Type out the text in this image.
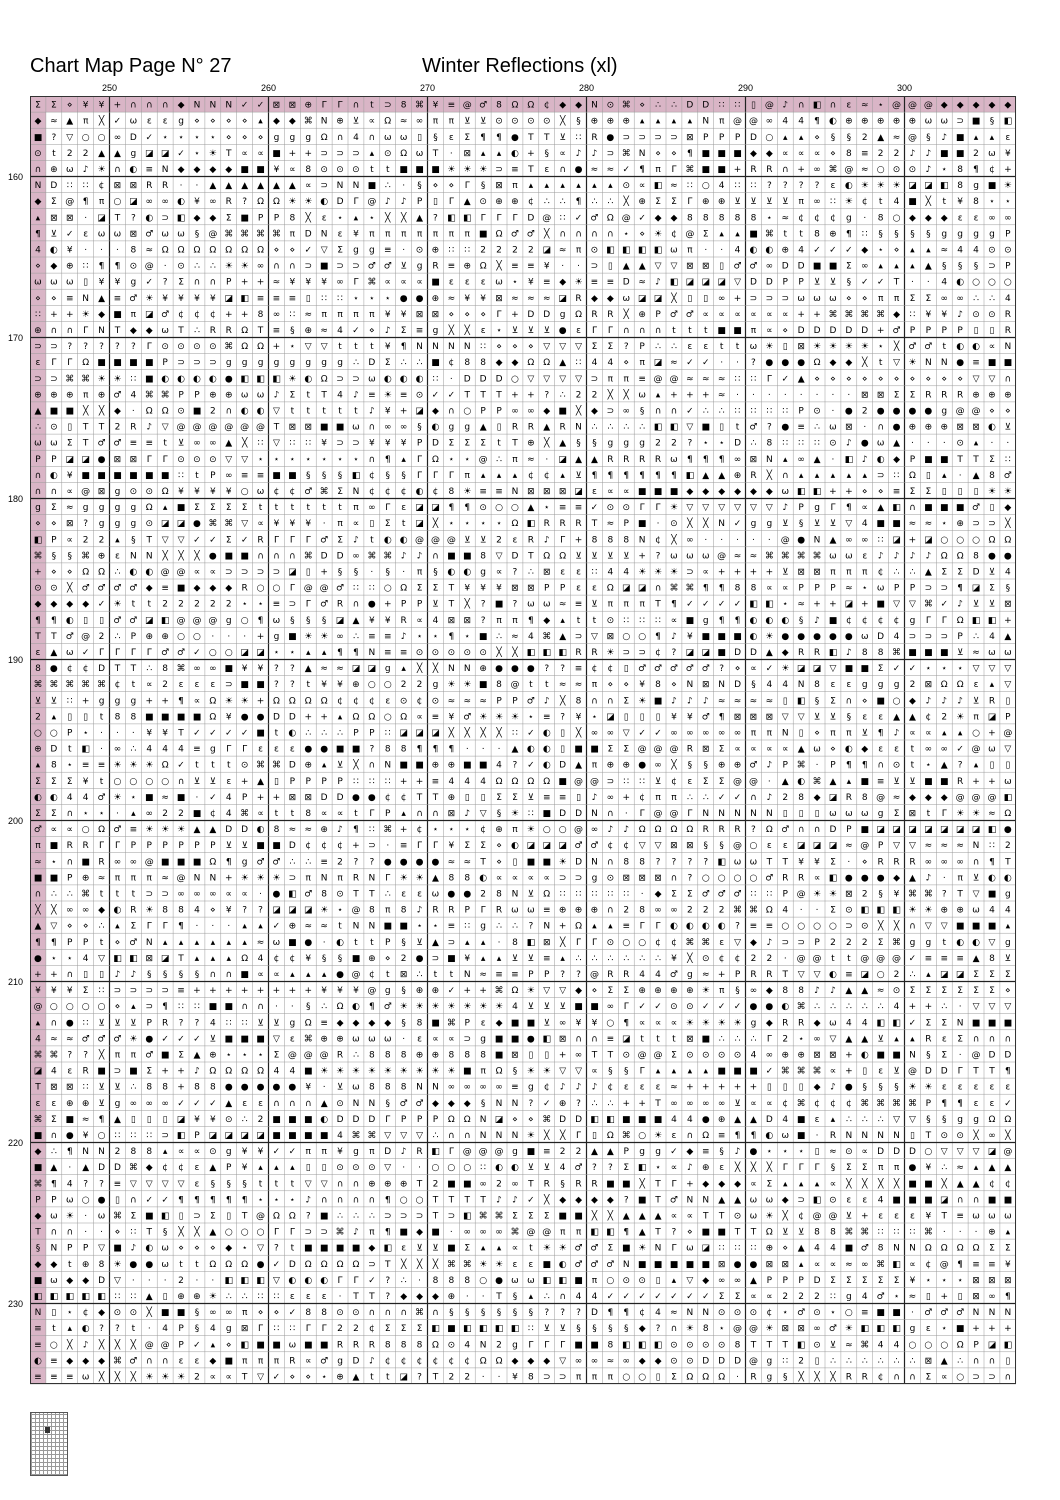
Chart Map Page N° 27	Winter Reflections (xl)
250	260	270	280	290	300
160
170
180
190
200
210
220
230
Σ Σ ⋄ ¥ ¥ + ∩ ∩ ∩ ◆ N N N ✓ ✓ ⊠ ⊠ ⊕ Γ Γ ∩ t ⊃ 8 ⌘ ¥ ≡ @ ♂ 8 Ω Ω ¢ ◆ ◆ N ⊙ ⌘ ⋄ ∴ ∴ D D ∷ ∷ ▯ @ ♪ ∩ ◧ ∩ ε ≈ ⋆ @ @ @ ◆ ◆ ◆ ◆ ◆
◆ ≈ ▲ π ╳ ✓ ω ε ε g ⋄ ⋄ ⋄ ⋄ ▴ ◆ ◆ ⌘ N ⊕ ⊻ ∝ Ω ≈ ∞ π π ⊻ ⊻ ⊙ ⊙ ⊙ ⊙ ╳ § ⊕ ⊕ ⊕ ▴ ▴ ▴ ▴ N π @ @ ∞ 4 4 ¶ ◐ ⊕ ⊕ ⊕ ⊕ ⊕ ω ω ⊃ ■ § ◧
■ ? ▽ ○ ○ ∞ D ✓ ⋆ ⋆ ⋆ ⋆ ⋄ ⋄ ⋄ g g g Ω ∩ 4 ∩ ω ω ▯ § ε Σ ¶ ¶ ● T T ⊻ ∷ R ● ⊃ ⊃ ⊃ ⊃ ⊠ P P P D ○ ▴ ▴ ⋄ § § 2 ▲ ≈ @ § ♪ ■ ▴ ▴ ε
⊙ t 2 2 ▲ ▲ g ◪ ◪ ✓ ⋆ ☀ T ∝ ∝ ■ + + ⊃ ⊃ ⊃ ▴ ⊙ Ω ω T · ⊠ ▴ ▴ ◐ + § ∝ ♪ ♪ ⊃ ⌘ N ⋄ ⋄ ¶ ■ ■ ■ ◆ ◆ ∝ ∝ ∝ ⋄ 8 ≡ 2 2 ♪ ♪ ■ ■ 2 ω ¥
∩ ⊕ ω ♪ ☀ ∩ ◐ ≡ N ◆ ◆ ◆ ◆ ■ ■ ¥ ∝ 8 ⊙ ⊙ ⊙ t t ■ ■ ■ ☀ ☀ ☀ ⊃ ≡ T ε ∩ ● ≈ ≈ ✓ ¶ π Γ ⌘ ■ ■ + R R ∩ + ∞ ⌘ @ ≈ ○ ⊙ ⊙ ♪ ⋆ 8 ¶ ¢ +
N D ∷ ∷ ¢ ⊠ ⊠ R R · · ▲ ▲ ▲ ▲ ▲ ▲ ∝ ⊃ N N ■ ∴ · § ⋄ ⋄ Γ § ⊠ π ▴ ▴ ▴ ▴ ▴ ▴ ⊙ ∝ ◧ ≈ ∷ ○ 4 ∷ ∷ ? ? ? ? ε ◐ ☀ ☀ ☀ ◪ ◪ ◧ 8 g ■ ☀
◆ Σ @ ¶ π ○ ◪ ∞ ∞ ◐ ¥ ∞ R ? Ω Ω ☀ ☀ ◐ D Γ @ ♪ ♪ P ▯ Γ ▲ ⊙ ⊕ ⊕ ¢ ∴ ∴ ¶ ∴ ∴ ╳ ⊕ Σ Σ Γ ⊕ ⊕ ⊻ ⊻ ⊻ ⊻ π ∞ ∷ ☀ ¢ t 4 ■ ╳ t ¥ 8 ⋆ ⋆
▴ ⊠ ⊠ · ◪ T ? ◐ ⊃ ◧ ◆ ◆ Σ ■ P P 8 ╳ ε ⋆ ▴ ⋆ ╳ ╳ ▲ ? ◧ ◧ Γ Γ Γ D @ ∷ ✓ ♂ Ω @ ✓ ◆ ◆ 8 8 8 8 8 ⋆ ≈ ¢ ¢ ¢ g · 8 ○ ◆ ◆ ◆ ε ε ∞ ∞
¶ ⊻ ✓ ε ω ω ⊠ ♂ ω ω § @ ⌘ ⌘ ⌘ ⌘ π D N ε ¥ π π π π π π π ■ Ω ♂ ♂ ╳ ∩ ∩ ∩ ∩ ⋆ ⋄ ☀ ¢ @ Σ ▴ ▴ ■ ⌘ t t 8 ⊕ ¶ ∷ § § § § g g g g P
4 ◐ ¥ · · · 8 ≈ Ω Ω Ω Ω Ω Ω Ω ⋄ ⋄ ✓ ▽ Σ g g ≡ · ⊙ ⊕ ∷ ∷ 2 2 2 2 ◪ ≈ π ⊙ ◧ ◧ ◧ ◧ ω π · · 4 ◐ ◐ ⊕ 4 ✓ ✓ ✓ ◆ ⋆ ⋄ ▴ ▴ ≈ 4 4 ⊙ ⊙
⋄ ◆ ⊕ ∷ ¶ ¶ ⊙ @ · ⊙ ∴ ∴ ☀ ☀ ∞ ∩ ∩ ⊃ ■ ⊃ ⊃ ♂ ♂ ⊻ g R ≡ ⊕ Ω ╳ ≡ ≡ ¥ · · ⊃ ▯ ▲ ▲ ▽ ▽ ⊠ ⊠ ▯ ♂ ♂ ∞ D D ■ ■ Σ ∞ ▴ ▴ ▴ ▲ § § § ⊃ P
ω ω ω ▯ ¥ ¥ g ✓ ? Σ ∩ ∩ P + + ≈ ¥ ¥ ¥ ∞ Γ ⌘ ∝ ∝ ∝ ■ ε ε ε ω ⋆ ¥ ≡ ◆ ☀ ≡ ≡ D ≈ ♪ ◧ ◪ ◪ ◪ ▽ D D P P ⊻ ⊻ § ✓ ✓ T · · 4 ◐ ○ ○ ○
⋄ ⋄ ≡ N ▲ ≡ ♂ ☀ ¥ ¥ ¥ ¥ ◪ ◧ ≡ ≡ ≡ ▯ ∷ ∷ ⋆ ⋆ ⋆ ● ● ⊕ ≈ ¥ ¥ ⊠ ≈ ≈ ≈ ◪ R ◆ ◆ ω ◪ ◪ ╳ ▯ ▯ ∞ + ⊃ ⊃ ⊃ ω ω ω ⋄ ⋄ π π Σ Σ ∞ ∞ ∴ ∴ 4
∷ + + ☀ ◆ ■ π ◪ ♂ ¢ ¢ ¢ + + 8 ∞ ∷ ≈ π π π π ¥ ¥ ⊠ ⊠ ⋄ ⋄ ⋄ Γ + D D g Ω R R ╳ ⊕ P ♂ ♂ ∝ ∝ ∝ ∝ ∝ ∝ + + ⌘ ⌘ ⌘ ⌘ ◆ ∷ ¥ ¥ ♪ ⊙ ⊙ R
⊕ ∩ ∩ Γ N T ◆ ◆ ω T ∴ R R Ω T ≡ § ⊕ ≈ 4 ✓ ⋄ ♪ Σ ≡ g ╳ ╳ ε ⋆ ⊻ ⊻ ⊻ ● ε Γ Γ ∩ ∩ ∩ t t t ■ ■ π ∝ ⋄ D D D D D + ♂ P P P P ▯ ▯ R
⊃ ⊃ ? ? ? ? ? Γ ⊙ ⊙ ⊙ ⊙ ⌘ Ω Ω + ⋆ ▽ ▽ t t t ¥ ¶ N N N N ∷ ⋄ ⋄ ⋄ ▽ ▽ ▽ Σ Σ ? P ∴ ∴ ε ε t t ω ☀ ▯ ⊠ ☀ ☀ ☀ ☀ ⋆ ╳ ♂ ♂ t ◐ ◐ ∝ N
ε Γ Γ Ω ■ ■ ■ ■ P ⊃ ⊃ ⊃ g g g g g g g g ∴ D Σ ∴ ∴ ■ ¢ 8 8 ◆ ◆ Ω Ω ▲ ∷ 4 4 ⋄ π ◪ ≈ ✓ ✓ · · ? ● ● ● Ω ◆ ◆ ╳ t ▽ ☀ N N ● ≡ ■ ■
⊃ ⊃ ⌘ ⌘ ☀ ☀ ∷ ■ ◐ ◐ ◐ ◐ ● ◧ ◧ ◧ ☀ ◐ Ω ⊃ ⊃ ω ◐ ◐ ◐ ∷ · D D D ○ ▽ ▽ ▽ ▽ ⊃ π π ≡ @ @ ≈ ≈ ≈ ∷ ∷ Γ ✓ ▲ ⋄ ⋄ ⋄ ⋄ ⋄ ⋄ ⋄ ⋄ ⋄ ⋄ ▽ ▽ ∩
⊕ ⊕ ⊕ π ⊕ ♂ 4 ⌘ ⌘ P P ⊕ ⊕ ω ω ♪ Σ t T 4 ♪ ≡ ☀ ≡ ⊙ ✓ ✓ T T T + + ? ∴ 2 2 ╳ ╳ ω ▴ + + + ≈ · · · · · · · · ⊠ ⊠ Σ Σ R R R ⊕ ⊕ ⊕
▲ ■ ■ ╳ ╳ ◆ · Ω Ω ⊙ ■ 2 ∩ ◐ ◐ ▽ t t t t t ♪ ¥ + ◪ ◆ ∩ ○ P P ∞ ∞ ◆ ■ ╳ ◆ ⊃ ∞ § ∩ ∩ ✓ ∴ ∴ ∷ ∷ ∷ ∷ P ⊙ · ● 2 ● ● ● ● g @ @ ⋄ ⋄
∴ ⊙ ▯ T T 2 R ♪ ▽ @ @ @ @ @ @ T ⊠ ⊠ ■ ■ ω ∩ ∞ ∞ § ◐ g g ▲ ▯ R R ▲ R N ∴ ∴ ∴ ∴ ◧ ◧ ▽ ■ ▯ t ♂ ? ● ≡ ∴ ω ⊠ · ∩ ● ⊕ ⊕ ⊕ ⊠ ⊠ ◐ ⊻
ω ω Σ T ♂ ♂ ≡ ≡ t ⊻ ∞ ∞ ▲ ╳ ∷ ▽ ∷ ∷ ¥ ⊃ ⊃ ¥ ¥ ¥ P D Σ Σ Σ t T ⊕ ╳ ▲ § § g g g 2 2 ? ⋆ ⋆ D ∴ 8 ∷ ∷ ∷ ⊙ ♪ ● ω ▲ · · · ⊙ ▴ · ·
P P ◪ ◪ ● ⊠ ⊠ Γ Γ ⊙ ⊙ ⊙ ▽ ▽ ⋆ ⋆ ⋆ ⋆ ⋆ ⋆ ⋆ ∩ ¶ ▴ Γ Ω ⋆ ⋆ @ ∴ π ≈ · ◪ ▲ ▲ R R R R ω ¶ ¶ ¶ ∞ ⊠ N ▴ ∞ ▲ · ◧ ♪ ◐ ◆ P ■ ■ T T Σ ∷
∩ ◐ ¥ ■ ■ ■ ■ ■ ■ ∷ t P ∞ ≡ ≡ ■ ■ § § § ◧ ¢ § § Γ Γ Γ π ▴ ▴ ▴ ¢ ¢ ▴ ⊻ ¶ ¶ ¶ ¶ ¶ ¶ ◧ ▲ ▲ ⊕ R ╳ ∩ ▴ ▴ ▴ ▴ ▴ ⊃ ∷ Ω ▯ ▴ · ▲ 8 ♂
∩ ∩ ∝ @ ⊠ g ⊙ ⊙ Ω ¥ ¥ ¥ ¥ ○ ω ¢ ¢ ♂ ⌘ Σ N ¢ ¢ ¢ ◐ ¢ 8 ☀ ≡ ≡ N ⊠ ⊠ ⊠ ◪ ε ∝ ∝ ■ ■ ■ ◆ ◆ ◆ ◆ ◆ ◆ ω ◧ ◧ + + ⋄ ⋄ ≡ Σ Σ ▯ ▯ ▯ ☀ ☀
g Σ ≈ g g g g Ω ▴ ■ Σ Σ Σ Σ t t t t t t π ∞ Γ ε ◪ ◪ ¶ ¶ ⊙ ○ ○ ▲ ⋆ ≡ ≡ ✓ ⊙ ⊙ Γ Γ ☀ ▽ ▽ ▽ ▽ ▽ ▽ ♪ P g Γ ¶ ∝ ▲ ◧ ∩ ■ ■ ■ ♂ ▯ ◆
⋄ ⋄ ⊠ ? g g g ⊙ ◪ ◪ ● ⌘ ⌘ ▽ ∝ ¥ ¥ ¥ · π ∝ ▯ Σ t ◪ ╳ ⋆ ⋆ ⋆ ⋆ Ω ◧ R R R T ≈ P ■ · ⊙ ╳ ╳ N ✓ g g ⊻ § ⊻ ⊻ ▽ 4 ■ ■ ≈ ≈ ⋆ ⊕ ⊃ ⊃ ╳
◧ P ∝ 2 2 ▴ § T ▽ ▽ ✓ ✓ Σ ✓ R Γ Γ Γ ♂ Σ ♪ t ◐ ◐ @ @ @ ⊻ ⊻ 2 ε R ♪ Γ + 8 8 8 N ¢ ╳ ∞ · · · · · @ ● N ▲ ∞ ∞ ∷ ◪ + ◪ ○ ○ ○ Ω Ω
⌘ § § ⌘ ⊕ ε N N ╳ ╳ ╳ ● ■ ■ ∩ ∩ ∩ ⌘ D D ∞ ⌘ ⌘ ♪ ♪ ∩ ■ ■ 8 ▽ D T Ω Ω ⊻ ⊻ ⊻ ⊻ + ? ω ω ω @ ≈ ≈ ⌘ ⌘ ⌘ ⌘ ω ω ε ♪ ♪ ♪ ♪ Ω Ω 8 ● ●
+ ⋄ ⋄ Ω Ω ∴ ◐ ◐ @ @ ∝ ∝ ⊃ ⊃ ⊃ ⊃ ◪ ▯ + § § · § · π § ◐ ◐ g ∝ ? ∴ ⊠ ε ε ∷ 4 4 ☀ ☀ ☀ ⊃ ∝ + + + + ⊻ ⊠ ⊠ π π π ¢ ∴ ∴ ▲ Σ Σ D ⊻ 4
⊙ ⊙ ╳ ♂ ♂ ♂ ♂ ◆ ≡ ■ ◆ ◆ ◆ R ○ ○ Γ @ @ ♂ ∷ ∷ ○ Ω Σ Σ T ¥ ¥ ¥ ⊠ ⊠ P P ε ε Ω ◪ ◪ ∩ ⌘ ⌘ ¶ ¶ 8 8 ∝ ∝ P P P ≈ ⋆ ω P P ⊃ ⊃ ¶ ◪ Σ §
◆ ◆ ◆ ◆ ✓ ☀ t t 2 2 2 2 2 ⋆ ⋆ ≡ ⊃ Γ ♂ R ∩ ● + P P ⊻ T ╳ ? ■ ? ω ω ≈ ≡ ⊻ π π π T ¶ ✓ ✓ ✓ ✓ ◧ ◧ ⋆ ≈ + + ◪ + ■ ▽ ▽ ⌘ ✓ ♪ ⊻ ⊻ ⊠
¶ ¶ ◐ ▯ ▯ ♂ ♂ ◪ ◧ @ @ @ g ○ ¶ ω § § § ◪ ▲ ¥ ¥ R ∝ 4 ⊠ ⊠ ? π π ¶ ◆ ▴ t t ⊙ ∷ ∷ ∷ ∝ ■ g ¶ ¶ ◐ ◐ ◐ § ♪ ■ ¢ ¢ ¢ ¢ g Γ Γ Ω ◧ ◧ +
T T ♂ @ 2 ∴ P ⊕ ⊕ ○ ○ · · · + g ■ ☀ ☀ ∞ ∴ ≡ ≡ ♪ ⋆ ⋆ ¶ ⋆ ■ ∴ ≈ 4 ⌘ ▲ ⊃ ▽ ⊠ ○ ○ ¶ ♪ ¥ ■ ■ ■ ◐ ☀ ● ● ● ● ● ω D 4 ⊃ ⊃ ⊃ P ∴ 4 ▲
ε ▲ ω ✓ Γ Γ Γ Γ ♂ ♂ ✓ ○ ○ ◪ ◪ ⋆ ⋆ ▴ ▴ ¶ ¶ N ≡ ≡ ⊙ ⊙ ⊙ ⊙ ⊙ ╳ ╳ ◧ ◧ ◧ R R ☀ ⊃ ⊃ ¢ ? ◪ ◪ ■ D D ▲ ◆ R R ◧ ♪ 8 8 ⌘ ■ ■ ■ ⊻ ≈ ω ω
8 ● ¢ ¢ D T T ∴ 8 ⌘ ∞ ∞ ■ ¥ ¥ ? ? ▲ ≈ ≈ ◪ ◪ g ▴ ╳ ╳ N N ⊕ ● ● ● ? ? ≡ ¢ ¢ ▯ ♂ ♂ ♂ ♂ ♂ ? ⋄ ∝ ✓ ☀ ◪ ◪ ▽ ■ ■ Σ ✓ ✓ ⋆ ⋆ ⋆ ▽ ▽ ▽
⌘ ⌘ ⌘ ⌘ ⌘ ¢ t ∝ 2 ε ε ε ⊃ ■ ■ ? ? t ¥ ¥ ⊕ ○ ○ 2 2 g ☀ ☀ ■ 8 @ t t ≈ ≈ π ⋄ ⋄ ¥ 8 ⋄ N ⊠ N D § 4 4 N 8 ε ε g g g 2 ⊠ Ω Ω ε ▴ ▽
⊻ ⊻ ∷ + g g g + + ¶ ∝ Ω ☀ ☀ + Ω Ω Ω Ω ¢ ¢ ¢ ε ⊙ ¢ ⊙ ≈ ≈ ≈ P P ♂ ♪ ╳ 8 ∩ ∩ Σ ☀ ■ ♪ ♪ ♪ ≈ ≈ ≈ ≈ ▯ ◧ § Σ ∩ ⋄ ■ ○ ◆ ♪ ♪ ♪ ⊻ R ▯
2 ▴ ▯ ▯ t 8 8 ■ ■ ■ ■ Ω ¥ ● ● D D + + ▴ Ω Ω ○ Ω ∝ ≡ ¥ ♂ ☀ ☀ ☀ ⋆ ≡ ? ¥ ⋆ ◪ ▯ ▯ ▯ ¥ ¥ ♂ ¶ ⊠ ⊠ ⊠ ▽ ▽ ⊻ ⊻ § ε ε ▲ ▲ ¢ 2 ☀ π ◪ P
○ ○ P ⋆ · · · ¥ ¥ T ✓ ✓ ✓ ✓ ■ t ◐ ∴ ∴ ∴ P P ∷ ◪ ◪ ◪ ╳ ╳ ╳ ╳ ∷ ✓ ◐ ▯ ╳ ∞ ∞ ▽ ✓ ✓ ∞ ∞ ∞ ∞ ∞ π π N ▯ ⋄ π π ⊻ ¶ ♪ ∝ ∝ ▴ ▴ ○ + @
⊕ D t ◧ · ∞ ∴ 4 4 4 ≡ g Γ Γ ε ε ε ● ● ■ ■ ? 8 8 ¶ ¶ ¶ · · · ▲ ◐ ◐ ▯ ■ ■ Σ Σ @ @ @ R ⊠ Σ ∝ ∝ ∝ ∝ ▲ ω ⋄ ◐ ◆ ε ε t ∞ ∞ ✓ @ ω ▽
▴ 8 ⋆ ≡ ≡ ☀ ☀ ☀ Ω ✓ t t t ⊙ ⌘ ⌘ D ⊕ ▴ ⊻ ╳ ∩ N ■ ■ ⊕ ⊕ ■ ■ 4 ? ✓ ◐ D ▲ π ⊕ ⊕ ● ∞ ╳ § § ⊕ ⊕ ♂ ♪ P ⌘ · P ¶ ¶ ∩ ⊙ t ⋆ ▲ ? ▴ ▯ ▯
Σ Σ Σ ¥ t ○ ○ ○ ○ ∩ ⊻ ⊻ ε + ▲ ▯ P P P P ∷ ∷ ∷ + + ≡ 4 4 4 Ω Ω Ω Ω ■ @ @ ⊃ ∷ ∷ ⊻ ¢ ε Σ Σ @ @ · ▲ ◐ ⌘ ▲ ▴ ■ ≡ ⊻ ⊻ ■ ■ R + + ω
◐ ◐ 4 4 ♂ ☀ ⋆ ■ ≈ ■ · ✓ 4 P + + ⊠ ⊠ D D ● ● ¢ ¢ T T ⊕ ▯ ▯ Σ Σ ⊻ ≡ ≡ ▯ ♪ ∞ + ¢ π π ∴ ∴ ✓ ✓ ∩ ♪ 2 8 ◆ ◪ R 8 @ ≈ ◆ ◆ ◆ @ @ @ ◧
Σ Σ ∩ ⋆ ⋆ · ▴ ∞ 2 2 ■ ¢ 4 ⌘ ∝ t t 8 ∝ ∝ t Γ P ▴ ∩ ∩ ⊠ ♪ ▽ § ☀ ∷ ■ D D N ∩ · Γ @ @ Γ N N N N N ▯ ▯ ▯ ω ω ω g Σ ⊠ t Γ ☀ ☀ ≈ Ω
♂ ∝ ∝ ○ Ω ♂ ≡ ☀ ☀ ☀ ▲ ▲ D D ◐ 8 ≈ ≈ ⊕ ♪ ¶ ∷ ⌘ + ¢ ⋆ ⋆ ⋆ ¢ ⊕ π ☀ ○ ○ @ ∞ ♪ ♪ Ω Ω Ω Ω R R R ? Ω ♂ ∩ ∩ D P ■ ◪ ◪ ◪ ◪ ◪ ◪ ◪ ◧ ●
π ■ R R Γ Γ P P P P P P ⊻ ⊻ ■ ■ D ¢ ¢ ¢ + ⊃ · ≡ Γ Γ ¥ Σ Σ ⋄ ◐ ◪ ◪ ◪ ♂ ♂ ¢ ¢ ▽ ▽ ⊠ ⊠ § § @ ○ ε ε ◪ ◪ ◪ ≈ @ P ▽ ▽ ≈ ≈ ≈ N ∷ 2
≈ ⋆ ∩ ■ R ∞ ∞ @ ■ ■ ■ Ω ¶ g ♂ ♂ ∴ ∴ ≡ 2 ? ? ● ● ● ● ≈ ≈ T ⋄ ▯ ■ ■ ☀ D N ∩ 8 8 ? ? ? ? ◧ ω ω T T ¥ ¥ Σ · ⋄ R R R ∞ ∞ ∞ ∩ ¶ T
■ ■ P ⊕ ≈ π π π ≈ @ N N + ☀ ☀ ☀ ⊃ π N π R N Γ ☀ ☀ ▲ 8 8 ◐ ∝ ∝ ∝ ∝ ⊃ ⊃ g ⊙ ⊠ ⊠ ⊠ ∩ ? ○ ○ ○ ○ ♂ R R ∝ ◧ ● ● ● ◆ ▲ ♪ · π ⊻ ◐ ◐
∩ ∴ ∴ ⌘ t t t ⊃ ⊃ ∞ ∞ ∞ ∝ ∝ · ● ◧ ♂ 8 ⊙ T T ∴ ε ε ω ● ● 2 8 N ⊻ Ω ∷ ∷ ∷ ∷ ∷ · ◆ Σ Σ ♂ ♂ ♂ ∷ ∷ P @ ☀ ☀ ⊠ 2 § ¥ ⌘ ⌘ ? T ▽ ■ g
╳ ╳ ∞ ∞ ◆ ◐ R ☀ 8 8 4 ⋄ ¥ ? ? ◪ ◪ ◪ ☀ ⋆ @ 8 π 8 ♪ R R P Γ R ω ω ≡ ⊕ ⊕ ⊕ ∩ 2 8 ∞ ∞ 2 2 2 ⌘ ⌘ Ω 4 · · Σ ⊙ ◧ ◧ ◧ ☀ ☀ ⊕ ⊕ ω 4 4
▲ ▽ ⋄ ⋄ ∴ ▴ Σ Γ Γ ¶ · · · ▴ ▴ ✓ ⊕ ≈ ≈ t N N ■ ■ ⋆ ⋆ ≡ ∷ g ∴ ∴ ? N + Ω ▴ ▴ ≡ Γ Γ ◐ ◐ ◐ ◐ ? ≡ ≡ ○ ○ ○ ○ ⊃ ⊙ ╳ ╳ ∩ ▽ ▽ ■ ■ ■ ▴
¶ ¶ P P t ⋄ ♂ N ▴ ▴ ▴ ▴ ▴ ▴ ≈ ω ■ ● · ◐ t t P § ⊻ ▲ ⊃ ▴ ▴ · 8 ◧ ⊠ ╳ Γ Γ ⊙ ○ ○ ¢ ¢ ⌘ ⌘ ε ▽ ◆ ♪ ⊃ ⊃ P 2 2 2 Σ ⌘ g g t ◐ ◐ ▽ g
● ⋆ ⋆ 4 ▽ ◧ ◧ ⊠ ◪ T ▴ ▴ ▴ Ω 4 ¢ ¢ ¥ § § ■ ⊕ ⋄ 2 ● ⊃ ■ ¥ ▴ ▴ ⊻ ⊻ ≡ ▴ ∴ ∴ ∴ ∴ ∴ ∴ ¥ ╳ ⊙ ¢ ¢ 2 2 · @ @ t t @ @ @ ✓ ≡ ≡ ≡ ▲ 8 ⊻
+ + ∩ ▯ ▯ ♪ ♪ § § § § ∩ ∩ ■ ∝ ∝ ▴ ▴ ▴ ● @ ¢ t ⊠ ∴ t t N ≈ ≡ ≡ P P ? ? @ R R 4 4 ♂ g ≈ + P R R T ▽ ▽ ◐ ≡ ◪ ○ 2 ∴ ▴ ◪ ◪ Σ Σ Σ
¥ ¥ ¥ Σ ∷ ⊃ ⊃ ⊃ ⊃ ≡ + + + + + + + + ¥ ¥ ¥ @ g § ⊕ ⊕ ✓ + + ⌘ Ω ☀ ▽ ▽ ◆ ⋄ Σ Σ ⊕ ⊕ ⊕ ⊕ ☀ π § ∞ ◆ 8 8 ♪ ♪ ▲ ▲ ≈ ⊙ Σ Σ Σ Σ Σ Σ ⋄
@ ○ ○ ○ ○ ⋄ ▴ ⊃ ¶ ∷ ∷ ■ ■ ∩ ∩ · · § ∴ Ω ◐ ¶ ♂ ☀ ☀ ☀ ☀ ☀ ☀ ☀ 4 ⊻ ⊻ ⊻ ■ ■ ∞ Γ ✓ ✓ ⊙ ⊙ ✓ ✓ ✓ ● ● ◐ ⌘ ∴ ∴ ∴ ∴ ∴ 4 + + ∴ · ▽ ▽ ▽
▴ ∩ ● ∷ ⊻ ⊻ ⊻ P R ? ? 4 ∷ ∷ ⊻ ⊻ g Ω ≡ ◆ ◆ ◆ ◆ § 8 ■ ⌘ P ε ◆ ■ ■ ⊻ ∞ ¥ ¥ ○ ¶ ∝ ∝ ∝ ☀ ☀ ☀ ☀ g ◆ R R ◆ ω 4 4 ◧ ◧ ✓ Σ Σ N ■ ■ ■
4 ≈ ≈ ♂ ♂ ♂ ☀ ● ✓ ✓ ✓ ⊻ ■ ■ ■ ▽ ε ⌘ ⊕ ⊕ ω ω ω · ε ∝ ∝ ⊃ g ■ ■ ● ◧ ⊠ ∩ ∩ ≡ ◪ t t t ⊠ ■ ∴ ∴ ∴ Γ 2 ⋆ ∞ ▽ ▲ ▲ ⊻ ▴ ▴ R ε Σ ∩ ∩ ∩
⌘ ⌘ ? ? ╳ π π ♂ ■ Σ ▲ ⊕ ⋆ ⋆ ⋆ Σ @ @ @ R ∴ 8 8 8 ⊕ ⊕ 8 8 8 ■ ⊠ ▯ ▯ + ∞ T T ⊙ @ @ Σ ⊙ ⊙ ⊙ ⊙ 4 ∞ ⊕ ⊕ ⊠ ⊠ + ◐ ■ ■ N § Σ · @ D D
◪ 4 ε R ■ ⊃ ■ Σ + + ♪ Ω Ω Ω Ω 4 4 ■ ☀ ☀ ☀ ☀ ☀ ☀ ☀ ☀ ☀ ■ π Ω § ☀ ☀ ▽ ▽ ∝ § § Γ ▴ ▴ ▴ ▴ ■ ■ ■ ✓ ⌘ ⌘ ⌘ ∝ + ▯ ε ⊻ @ D D Γ T T ¶
T ⊠ ⊠ ∷ ⊻ ⊻ ∴ 8 8 + 8 8 ● ● ● ● ● ¥ · ⊻ ω 8 8 8 N N ∞ ∞ ∞ ∞ ≡ g ¢ ♪ ♪ ♪ ¢ ε ε ε ≈ + + + + + ▯ ▯ ▯ ◆ ♪ ● § § § ☀ ☀ ε ε ε ε ε
ε ε ⊕ ⊕ ⊻ g ∞ ∞ ∞ ✓ ✓ ✓ ▲ ε ε ∩ ∩ ∩ ▲ ⊙ N N § ♂ ♂ ◆ ◆ ◆ § N N ? ✓ ⊕ ? ∴ ∴ + + T ∞ ∞ ∞ ∞ ⊻ ∝ ∝ ¢ ⌘ ¢ ¢ ¢ ⌘ ⌘ ⌘ ⌘ P ¶ ¶ ε ε ✓
⌘ Σ ■ ≈ ¶ ▲ ▯ ▯ ▯ ◪ ¥ ¥ ⊙ ∴ 2 ■ ■ ■ ◐ D D D Γ P P P Ω Ω N ◪ ⋄ ⋄ ⌘ D D ◧ ◧ ■ ■ ■ 4 4 ● ⊕ ▲ ▲ D 4 ■ ε ▴ ∴ ∴ ∴ ▽ ▽ § § g g Ω Ω
■ ∩ ● ¥ ○ ∷ ∷ ∷ ⊃ ◧ P ◪ ◪ ◪ ◪ ■ ■ ■ ■ 4 ⌘ ⌘ ▽ ▽ ▽ ∴ ∩ ∩ N N N ☀ ╳ ╳ Γ ▯ Ω ⌘ ○ ☀ ε ∩ Ω ≡ ¶ ¶ ◐ ω ■ · R N N N N ▯ T ⊙ ⊙ ╳ ∞ ╳
◆ ∴ ¶ N N 2 8 8 ▴ ∝ ∝ ⊙ g ¥ ¥ ✓ ✓ π π ¥ g π D ♪ R ◧ Γ @ @ @ g ■ ≡ 2 2 ▲ ▲ P g g ✓ ◆ ≡ § ♪ ● ⋆ ⋆ ⋆ ▯ ≈ ⊙ ∝ D D D ○ ▽ ▽ ▽ ◪ @
■ ▲ · ▲ D D ⌘ ◆ ¢ ¢ ε ▲ P ¥ ▴ ▴ ▴ ▯ ▯ ⊙ ⊙ ⊙ ▽ · · ○ ○ ○ ∷ ◐ ◐ ⊻ ⊻ 4 ♂ ? ? Σ ◧ ⋆ ∝ ♪ ⊕ ε ╳ ╳ ╳ Γ Γ Γ § Σ Σ π π ● ¥ ∴ ≈ ▴ ▲ ▲
⌘ ¶ 4 ? ? ≡ ▽ ▽ ▽ ▽ ε § § § t t t ▽ ▽ ∩ ∩ ⊕ ⊕ ⊕ T 2 ■ ■ ∞ 2 ∞ T R § R R ■ ■ ╳ T Γ + ◆ ◆ ◆ ∝ Σ ▴ ▴ ▴ ∝ ╳ ╳ ╳ ╳ ■ ■ ╳ ▲ ▲ ¢ ¢
P P ω ○ ● ▯ ∩ ✓ ✓ ¶ ¶ ¶ ¶ ¶ ⋆ ⋆ ⋆ ♪ ∩ ∩ ∩ ∩ ¶ ○ ○ T T T T ♪ ♪ ✓ ╳ ◆ ◆ ◆ ◆ ? ■ T ♂ N N ▲ ▲ ω ω ◆ ⊃ ◧ ⊙ ε ε 4 ■ ■ ■ ◪ ∩ ∩ ■ ■
◆ ω ☀ · ω ⌘ Σ ■ ◧ ▯ ⊃ Σ ▯ T @ Ω Ω ? ■ ∴ ∴ ∴ ⊃ ⊃ ⊃ T ⊃ ◧ ⌘ ⌘ Σ Σ Σ ■ ■ ╳ ╳ ▲ ▲ ▲ ∝ ∝ T T ⊙ ω ☀ ╳ ¢ @ @ ⊻ + ε ε ε ¥ T ≡ ω ω ω
T ∩ ∩ · · ⋄ ∷ T § ╳ ╳ ▲ ○ ○ ○ Γ Γ ⊃ ⊃ ⌘ ♪ π ¶ ■ ◆ ■ · ∞ ∞ ∞ ⌘ @ @ π π ◧ ◧ ¶ ▲ T ? ⋄ ■ ■ T T Ω ⊻ ⊻ 8 8 ⌘ ⌘ ∷ ∷ ∷ ⌘ · · · ⊕ ▴
§ N P P ▽ ■ ♪ ◐ ω ⋄ ⋄ ⋄ ◆ ⋆ ▽ ? t ■ ■ ■ ■ ◆ ◧ ε ⊻ ⊻ ■ Σ ▴ ▴ ∝ t ☀ ☀ ♂ ♂ Σ ■ ☀ N Γ ω ◪ ∷ ∷ ∷ ⊕ ⋄ ▲ 4 4 ■ ♂ 8 N N Ω Ω Ω Ω Σ Σ
◆ ◆ t ⊕ 8 ☀ ● ● ω t t Ω Ω Ω ● ✓ D Ω Ω Ω Ω ⊃ T ╳ ╳ ╳ ⌘ ⌘ ☀ ☀ ε ε ■ ◐ ♂ ♂ ♂ N ■ ■ ■ ■ ■ ⊠ ● ● ⊠ ⊠ ▴ ∝ ∝ ≈ ∞ ⌘ ◧ ∝ ¢ @ ¶ ≡ ≡ ¥
■ ω ◆ ◆ D ▽ · · · 2 · · ◧ ◧ ◧ ▽ ◐ ◐ ◐ Γ Γ ✓ ? ∴ · 8 8 8 ○ ● ω ω ◧ ◧ ■ π ○ ⊙ ⊙ ▯ ▴ ▽ ◆ ∞ ∞ ▲ P P P D Σ Σ Σ Σ Σ ¥ ⋆ ⋆ ⋆ ⊠ ⊠ ⊠
◧ ◧ ◧ ◧ ◧ ∷ ∷ ▲ ▯ ⊕ ⊕ ☀ ∴ ∴ ∷ ∷ ε ε ε · T T ? ◆ ◆ ◆ ⊕ · · T § ▴ ∴ ∩ 4 4 ✓ ✓ ✓ ✓ ✓ ✓ ✓ Σ Σ ∝ ∝ 2 2 2 ∷ g 4 ♂ ⋆ ≈ ▯ + ▯ ⊠ ∞ ¶
N ▯ ⋆ ¢ ◆ ⊙ ⊙ ╳ ■ ■ § ∞ ∞ π ⋄ ⋄ ✓ 8 8 ⊙ ⊙ ∩ ∩ ∩ ⌘ ∩ § § § § § § ? ? ? D ¶ ¶ ¢ 4 ≈ N N ⊙ ⊙ ⊙ ¢ ⋆ ♂ ⊙ ⋆ ○ ≡ ■ ■ · ♂ ♂ ♂ N N N
≡ t ▴ ◐ ? ? t · 4 P § 4 g ⊠ Γ ∷ ∷ Γ Γ 2 2 ¢ Σ Σ Σ ◧ ■ ◧ ◧ ◧ ◧ ∷ ⊻ ⊻ § § § § ◆ ? ∩ ☀ 8 ⋆ @ @ ☀ ⊠ ⊠ ∞ ♂ ☀ ◧ ◧ ◧ g ε ⋆ ■ + + +
≡ ○ ╳ ♪ ╳ ╳ ╳ @ @ P ✓ ▴ ⋄ ◧ ■ ■ ω ■ ■ R R R 8 8 8 Ω ⊙ 4 N 2 g Γ Γ Γ ■ ■ 8 ◧ ◧ ◧ ⊙ ⊙ ⊙ ⊙ 8 T T T ◧ ⊙ ⊻ ≈ ⌘ 4 4 ○ ○ ○ Ω P ◪ ◧
◐ ≡ ◆ ◆ ◆ ⌘ ♂ ∩ ∩ ε ε ◆ ■ π π π R ∝ ♂ g D ♪ ¢ ¢ ¢ ¢ ¢ ¢ Ω Ω ◆ ◆ ◆ ▽ ∞ ∞ ≈ ∞ ◆ ◆ ⊙ ⊙ D D D @ g ∷ 2 ▯ ∴ ∴ ∴ ∴ ∴ ∴ ⊠ ▲ ∴ ∩ ∩ ▯
≡ ≡ ≡ ω ╳ ╳ ╳ ☀ ☀ ☀ 2 ∝ ∝ T ▽ ✓ ⋄ ⋄ ⋆ ⊕ ▲ t t ◪ ? T 2 2 · · ¥ 8 ⊃ ⊃ π π π ○ ○ ▯ Σ Ω Ω Ω · R g § ╳ ╳ ╳ R R ¢ ∩ ∩ Σ ∝ ○ ⊃ ⊃ ∩
